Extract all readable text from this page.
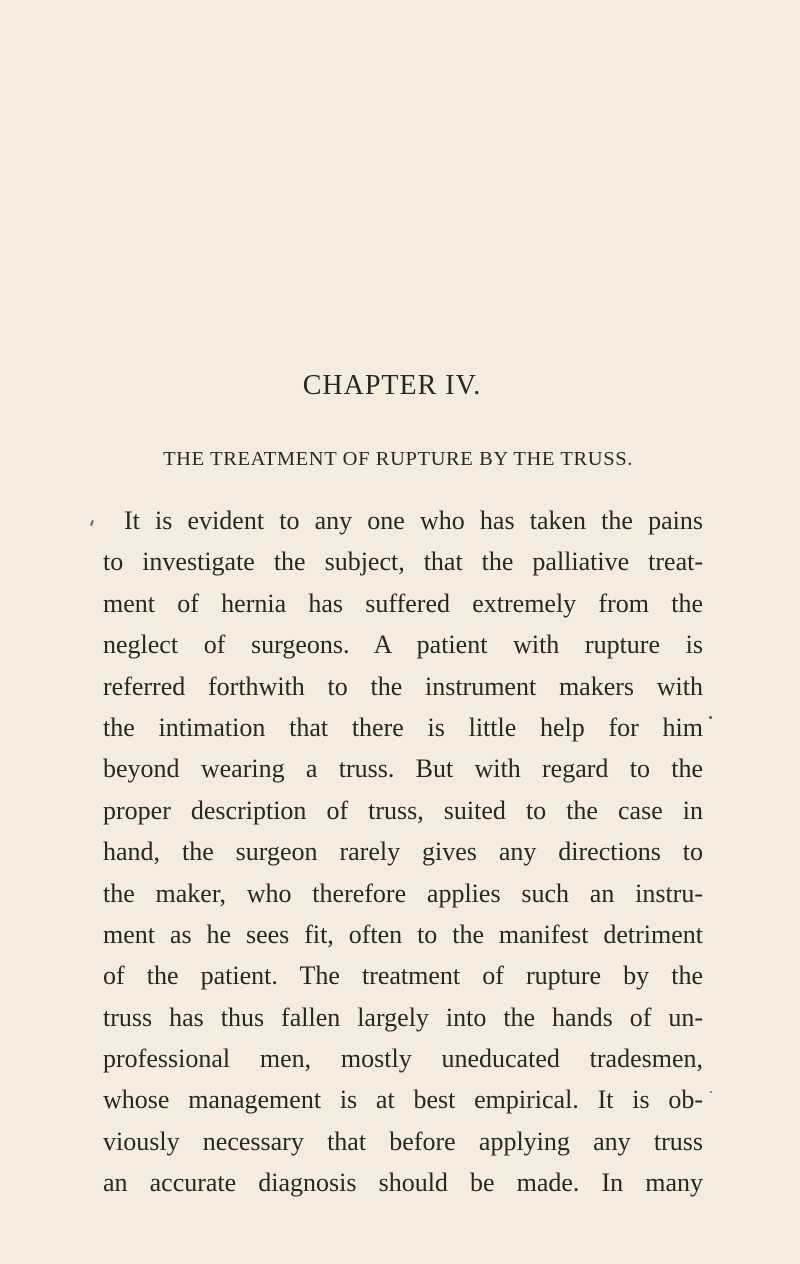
CHAPTER IV.
THE TREATMENT OF RUPTURE BY THE TRUSS.
It is evident to any one who has taken the pains
to investigate the subject, that the palliative treat-
ment of hernia has suffered extremely from the
neglect of surgeons. A patient with rupture is
referred forthwith to the instrument makers with
the intimation that there is little help for him
beyond wearing a truss. But with regard to the
proper description of truss, suited to the case in
hand, the surgeon rarely gives any directions to
the maker, who therefore applies such an instru-
ment as he sees fit, often to the manifest detriment
of the patient. The treatment of rupture by the
truss has thus fallen largely into the hands of un-
professional men, mostly uneducated tradesmen,
whose management is at best empirical. It is ob-
viously necessary that before applying any truss
an accurate diagnosis should be made. In many
